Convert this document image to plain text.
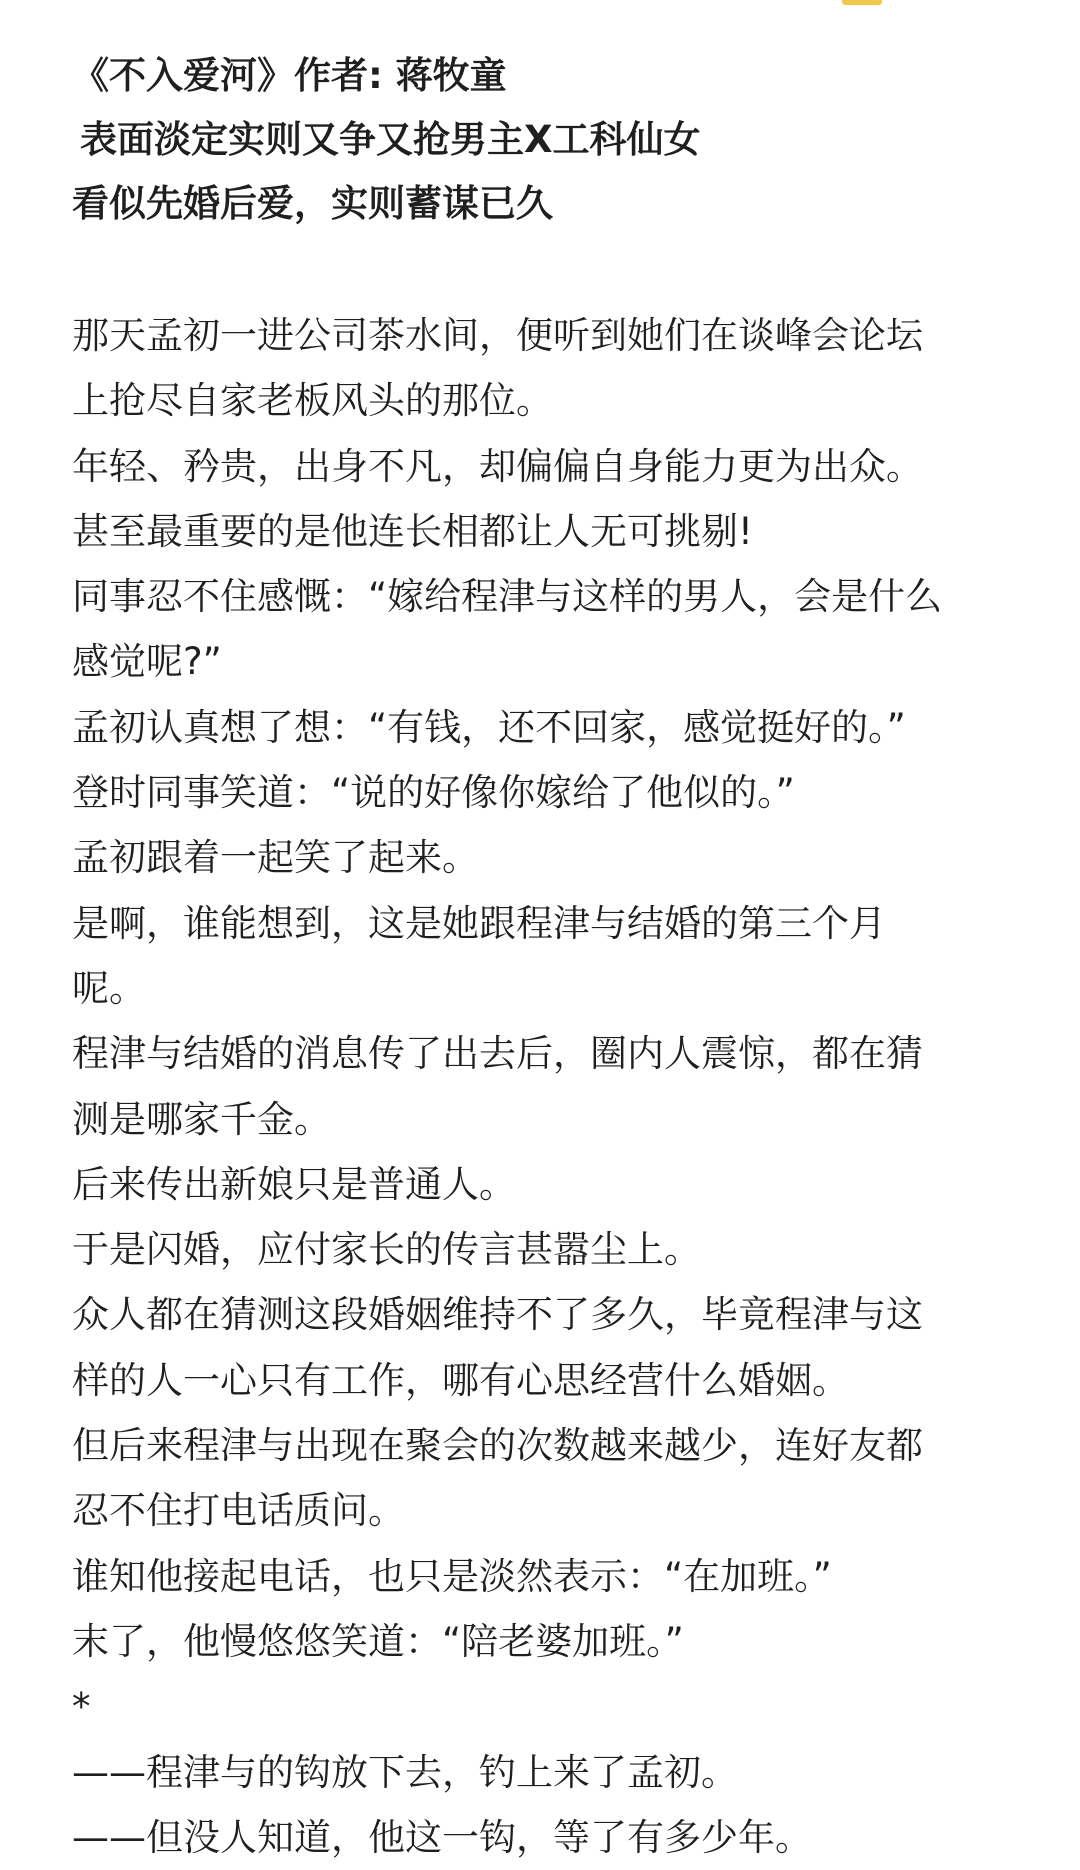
《不入爱河》作者: 蒋牧童
表面淡定实则又争又抢男主Ⅹ工科仙女
看似先婚后爱，实则蓄谋已久
那天孟初一进公司茶水间，便听到她们在谈峰会论坛
上抢尽自家老板风头的那位。
年轻、矜贵，出身不凡，却偏偏自身能力更为出众。
甚至最重要的是他连长相都让人无可挑剔!
同事忍不住感慨：“嫁给程津与这样的男人，会是什么
感觉呢?”
孟初认真想了想：“有钱，还不回家，感觉挺好的。”
登时同事笑道：“说的好像你嫁给了他似的。”
孟初跟着一起笑了起来。
是啊，谁能想到，这是她跟程津与结婚的第三个月
呢。
程津与结婚的消息传了出去后，圈内人震惊，都在猜
测是哪家千金。
后来传出新娘只是普通人。
于是闪婚，应付家长的传言甚嚣尘上。
众人都在猜测这段婚姻维持不了多久，毕竟程津与这
样的人一心只有工作，哪有心思经营什么婚姻。
但后来程津与出现在聚会的次数越来越少，连好友都
忍不住打电话质问。
谁知他接起电话，也只是淡然表示：“在加班。”
末了，他慢悠悠笑道：“陪老婆加班。”
*
——程津与的钩放下去，钓上来了孟初。
——但没人知道，他这一钩，等了有多少年。
